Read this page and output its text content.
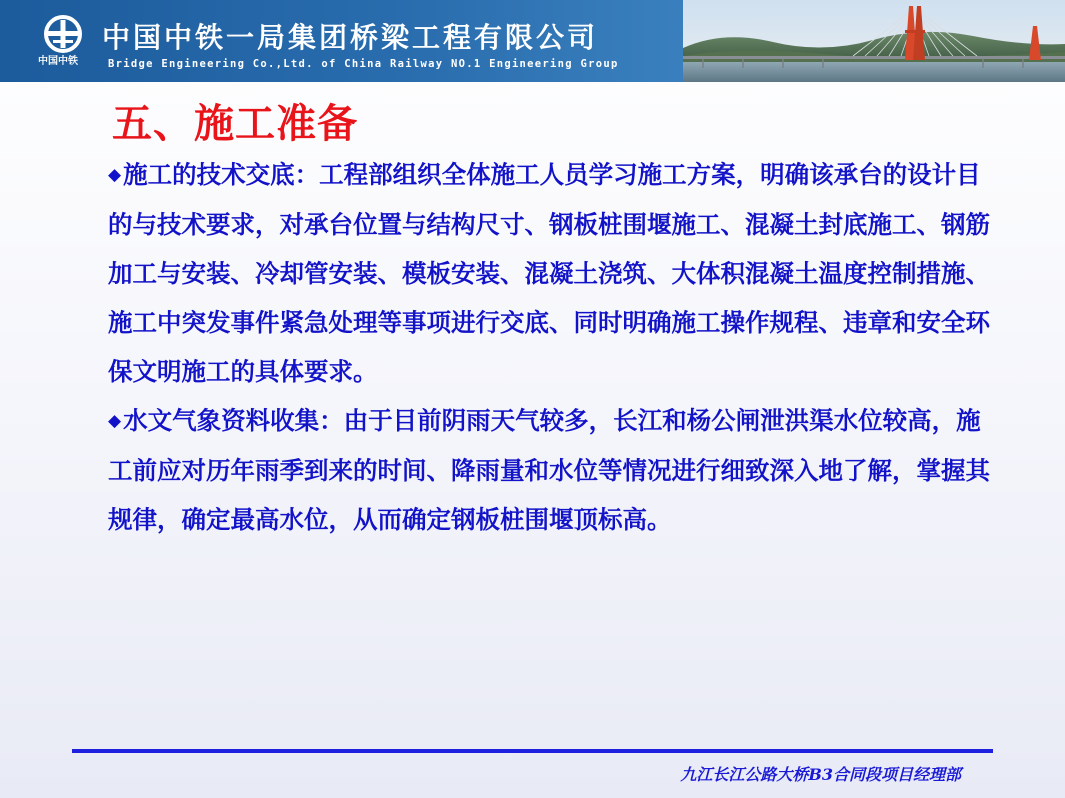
中国中铁
中国中铁一局集团桥梁工程有限公司
Bridge Engineering Co.,Ltd. of China Railway NO.1 Engineering Group
五、施工准备

◆施工的技术交底：工程部组织全体施工人员学习施工方案，明确该承台的设计目的与技术要求，对承台位置与结构尺寸、钢板桩围堰施工、混凝土封底施工、钢筋加工与安装、冷却管安装、模板安装、混凝土浇筑、大体积混凝土温度控制措施、施工中突发事件紧急处理等事项进行交底、同时明确施工操作规程、违章和安全环保文明施工的具体要求。

◆水文气象资料收集：由于目前阴雨天气较多，长江和杨公闸泄洪渠水位较高，施工前应对历年雨季到来的时间、降雨量和水位等情况进行细致深入地了解，掌握其规律，确定最高水位，从而确定钢板桩围堰顶标高。

九江长江公路大桥B3合同段项目经理部
